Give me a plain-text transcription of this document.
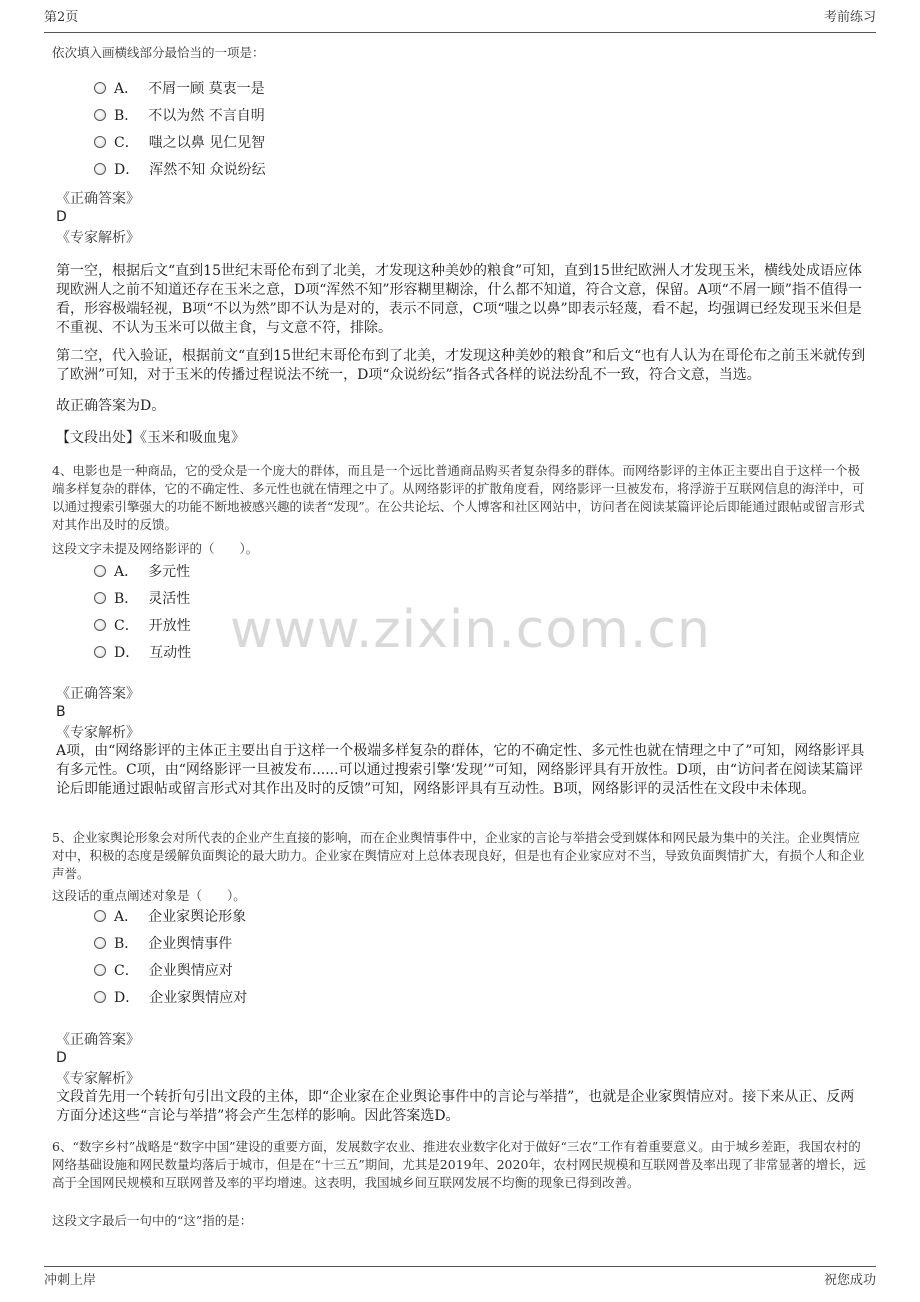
第2页	考前练习
www.zixin.com.cn
依次填入画横线部分最恰当的一项是：
A． 不屑一顾 莫衷一是
B． 不以为然 不言自明
C． 嗤之以鼻 见仁见智
D． 浑然不知 众说纷纭
《正确答案》
D
《专家解析》
第一空，根据后文“直到15世纪末哥伦布到了北美，才发现这种美妙的粮食”可知，直到15世纪欧洲人才发现玉米，横线处成语应体现欧洲人之前不知道还存在玉米之意，D项“浑然不知”形容糊里糊涂，什么都不知道，符合文意，保留。A项“不屑一顾”指不值得一看，形容极端轻视，B项“不以为然”即不认为是对的，表示不同意，C项“嗤之以鼻”即表示轻蔑，看不起，均强调已经发现玉米但是不重视、不认为玉米可以做主食，与文意不符，排除。
第二空，代入验证，根据前文“直到15世纪末哥伦布到了北美，才发现这种美妙的粮食”和后文“也有人认为在哥伦布之前玉米就传到了欧洲”可知，对于玉米的传播过程说法不统一，D项“众说纷纭”指各式各样的说法纷乱不一致，符合文意，当选。
故正确答案为D。
【文段出处】《玉米和吸血鬼》
4、电影也是一种商品，它的受众是一个庞大的群体，而且是一个远比普通商品购买者复杂得多的群体。而网络影评的主体正主要出自于这样一个极端多样复杂的群体，它的不确定性、多元性也就在情理之中了。从网络影评的扩散角度看，网络影评一旦被发布，将浮游于互联网信息的海洋中，可以通过搜索引擎强大的功能不断地被感兴趣的读者“发现”。在公共论坛、个人博客和社区网站中，访问者在阅读某篇评论后即能通过跟帖或留言形式对其作出及时的反馈。
这段文字未提及网络影评的（　　）。
A． 多元性
B． 灵活性
C． 开放性
D． 互动性
《正确答案》
B
《专家解析》
A项，由“网络影评的主体正主要出自于这样一个极端多样复杂的群体，它的不确定性、多元性也就在情理之中了”可知，网络影评具有多元性。C项，由“网络影评一旦被发布......可以通过搜索引擎‘发现’”可知，网络影评具有开放性。D项，由“访问者在阅读某篇评论后即能通过跟帖或留言形式对其作出及时的反馈”可知，网络影评具有互动性。B项，网络影评的灵活性在文段中未体现。
5、企业家舆论形象会对所代表的企业产生直接的影响，而在企业舆情事件中，企业家的言论与举措会受到媒体和网民最为集中的关注。企业舆情应对中，积极的态度是缓解负面舆论的最大助力。企业家在舆情应对上总体表现良好，但是也有企业家应对不当，导致负面舆情扩大，有损个人和企业声誉。
这段话的重点阐述对象是（　　）。
A． 企业家舆论形象
B． 企业舆情事件
C． 企业舆情应对
D． 企业家舆情应对
《正确答案》
D
《专家解析》
文段首先用一个转折句引出文段的主体，即“企业家在企业舆论事件中的言论与举措”，也就是企业家舆情应对。接下来从正、反两方面分述这些“言论与举措”将会产生怎样的影响。因此答案选D。
6、“数字乡村”战略是“数字中国”建设的重要方面，发展数字农业、推进农业数字化对于做好“三农”工作有着重要意义。由于城乡差距，我国农村的网络基础设施和网民数量均落后于城市，但是在“十三五”期间，尤其是2019年、2020年，农村网民规模和互联网普及率出现了非常显著的增长，远高于全国网民规模和互联网普及率的平均增速。这表明，我国城乡间互联网发展不均衡的现象已得到改善。
这段文字最后一句中的“这”指的是：
冲刺上岸	祝您成功
